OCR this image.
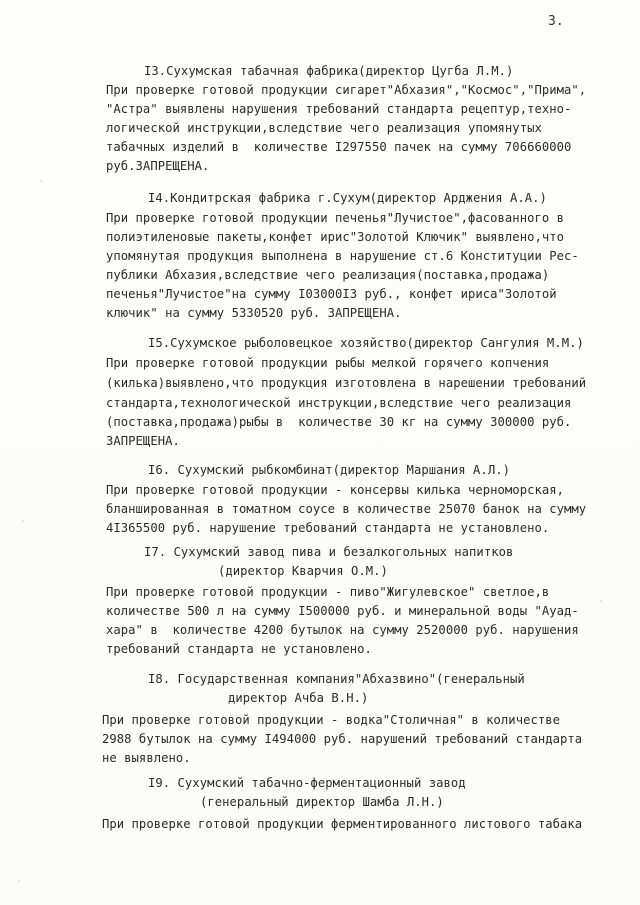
3.
I3.Сухумская табачная фабрика(директор Цугба Л.М.)
При проверке готовой продукции сигарет"Абхазия","Космос","Прима",
"Астра" выявлены нарушения требований стандарта рецептур,техно-
логической инструкции,вследствие чего реализация упомянутых
табачных изделий в  количестве I297550 пачек на сумму 706660000
руб.ЗАПРЕЩЕНА.
I4.Кондитрская фабрика г.Сухум(директор Арджения А.А.)
При проверке готовой продукции печенья"Лучистое",фасованного в
полиэтиленовые пакеты,конфет ирис"Золотой Ключик" выявлено,что
упомянутая продукция выполнена в нарушение ст.6 Конституции Рес-
публики Абхазия,вследствие чего реализация(поставка,продажа)
печенья"Лучистое"на сумму I03000I3 руб., конфет ириса"Золотой
ключик" на сумму 5330520 руб. ЗАПРЕЩЕНА.
I5.Сухумское рыболовецкое хозяйство(директор Сангулия М.М.)
При проверке готовой продукции рыбы мелкой горячего копчения
(килька)выявлено,что продукция изготовлена в нарешении требований
стандарта,технологической инструкции,вследствие чего реализация
(поставка,продажа)рыбы в  количестве 30 кг на сумму 300000 руб.
ЗАПРЕЩЕНА.
I6. Сухумский рыбкомбинат(директор Маршания А.Л.)
При проверке готовой продукции - консервы килька черноморская,
бланшированная в томатном соусе в количестве 25070 банок на сумму
4I365500 руб. нарушение требований стандарта не установлено.
I7. Сухумский завод пива и безалкогольных напитков
(директор Кварчия О.М.)
При проверке готовой продукции - пиво"Жигулевское" светлое,в
количестве 500 л на сумму I500000 руб. и минеральной воды "Ауад-
хара" в  количестве 4200 бутылок на сумму 2520000 руб. нарушения
требований стандарта не установлено.
I8. Государственная компания"Абхазвино"(генеральный
директор Ачба В.Н.)
При проверке готовой продукции - водка"Столичная" в количестве
2988 бутылок на сумму I494000 руб. нарушений требований стандарта
не выявлено.
I9. Сухумский табачно-ферментационный завод
(генеральный директор Шамба Л.Н.)
При проверке готовой продукции ферментированного листового табака
